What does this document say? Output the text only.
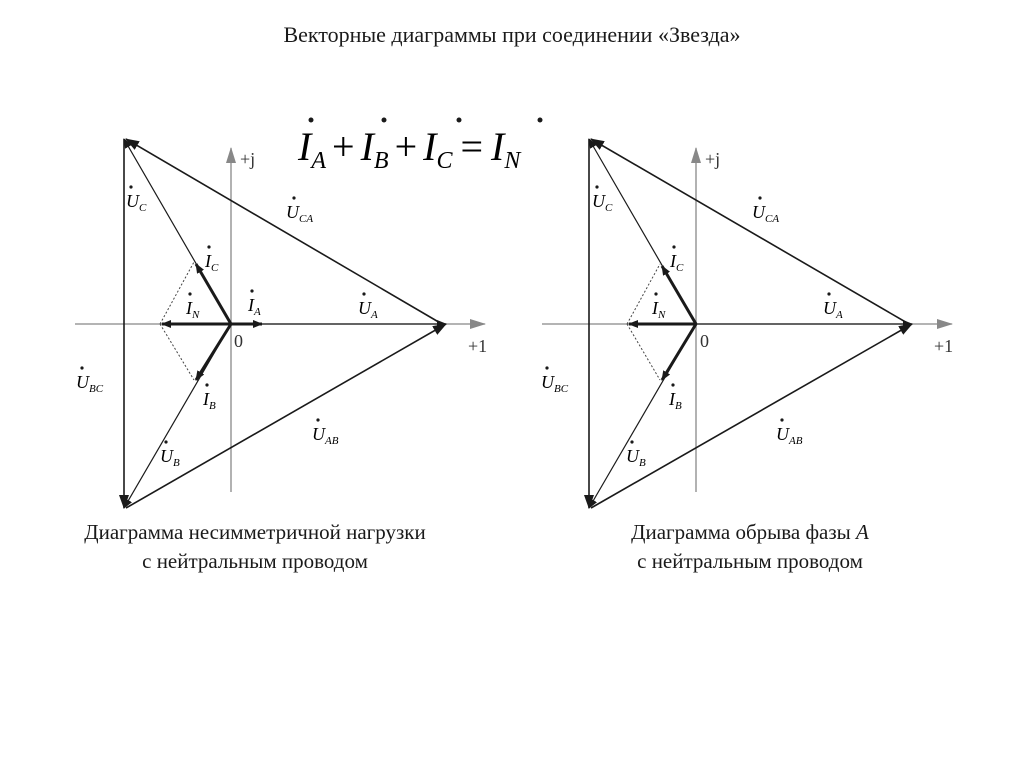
Векторные диаграммы при соединении «Звезда»
$I_A + I_B + I_C = I_N$
+j
+1
0
$U_C$	$U_{CA}$
$I_C$
$I_N$	$I_A$	$U_A$
$U_{BC}$	$I_B$
$U_{AB}$
$U_B$
+j
+1
0
$U_C$	$U_{CA}$
$I_C$
$I_N$	$U_A$
$U_{BC}$	$I_B$
$U_{AB}$
$U_B$
Диаграмма несимметричной нагрузки
с нейтральным проводом
Диаграмма обрыва фазы A
с нейтральным проводом
